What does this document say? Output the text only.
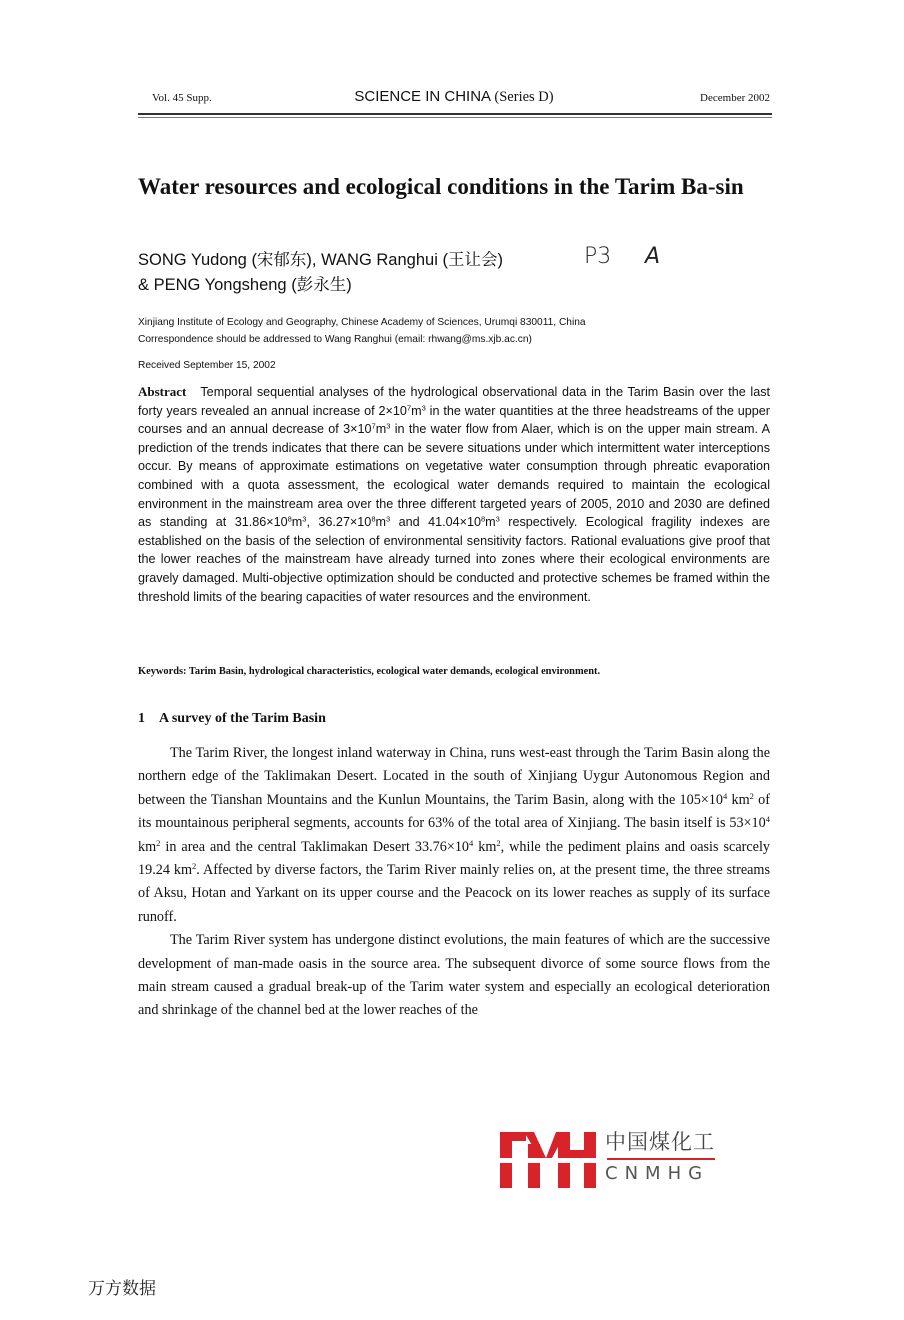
Vol. 45 Supp.	SCIENCE IN CHINA (Series D)	December 2002
Water resources and ecological conditions in the Tarim Ba-sin
SONG Yudong (宋郁东), WANG Ranghui (王让会)
& PENG Yongsheng (彭永生)
P3 A
Xinjiang Institute of Ecology and Geography, Chinese Academy of Sciences, Urumqi 830011, China
Correspondence should be addressed to Wang Ranghui (email: rhwang@ms.xjb.ac.cn)
Received September 15, 2002
Abstract Temporal sequential analyses of the hydrological observational data in the Tarim Basin over the last forty years revealed an annual increase of $2\times 10^7m^3$ in the water quantities at the three headstreams of the upper courses and an annual decrease of $3\times 10^7m^3$ in the water flow from Alaer, which is on the upper main stream. A prediction of the trends indicates that there can be severe situations under which intermittent water interceptions occur. By means of approximate estimations on vegetative water consumption through phreatic evaporation combined with a quota assessment, the ecological water demands required to maintain the ecological environment in the mainstream area over the three different targeted years of 2005, 2010 and 2030 are defined as standing at $31.86\times 10^8m^3$, $36.27\times 10^8m^3$ and $41.04\times 10^8m^3$ respectively. Ecological fragility indexes are established on the basis of the selection of environmental sensitivity factors. Rational evaluations give proof that the lower reaches of the mainstream have already turned into zones where their ecological environments are gravely damaged. Multi-objective optimization should be conducted and protective schemes be framed within the threshold limits of the bearing capacities of water resources and the environment.
Keywords: Tarim Basin, hydrological characteristics, ecological water demands, ecological environment.
1 A survey of the Tarim Basin

The Tarim River, the longest inland waterway in China, runs west-east through the Tarim Basin along the northern edge of the Taklimakan Desert. Located in the south of Xinjiang Uygur Autonomous Region and between the Tianshan Mountains and the Kunlun Mountains, the Tarim Basin, along with the $105\times 10^4$ $km^2$ of its mountainous peripheral segments, accounts for 63% of the total area of Xinjiang. The basin itself is $53\times 10^4$ $km^2$ in area and the central Taklimakan Desert $33.76\times 10^4$ $km^2$, while the pediment plains and oasis scarcely 19.24 $km^2$. Affected by diverse factors, the Tarim River mainly relies on, at the present time, the three streams of Aksu, Hotan and Yarkant on its upper course and the Peacock on its lower reaches as supply of its surface runoff.

The Tarim River system has undergone distinct evolutions, the main features of which are the successive development of man-made oasis in the source area. The subsequent divorce of some source flows from the main stream caused a gradual break-up of the Tarim water system and especially an ecological deterioration and shrinkage of the channel bed at the lower reaches of the

中国煤化工
CNMHG
万方数据
